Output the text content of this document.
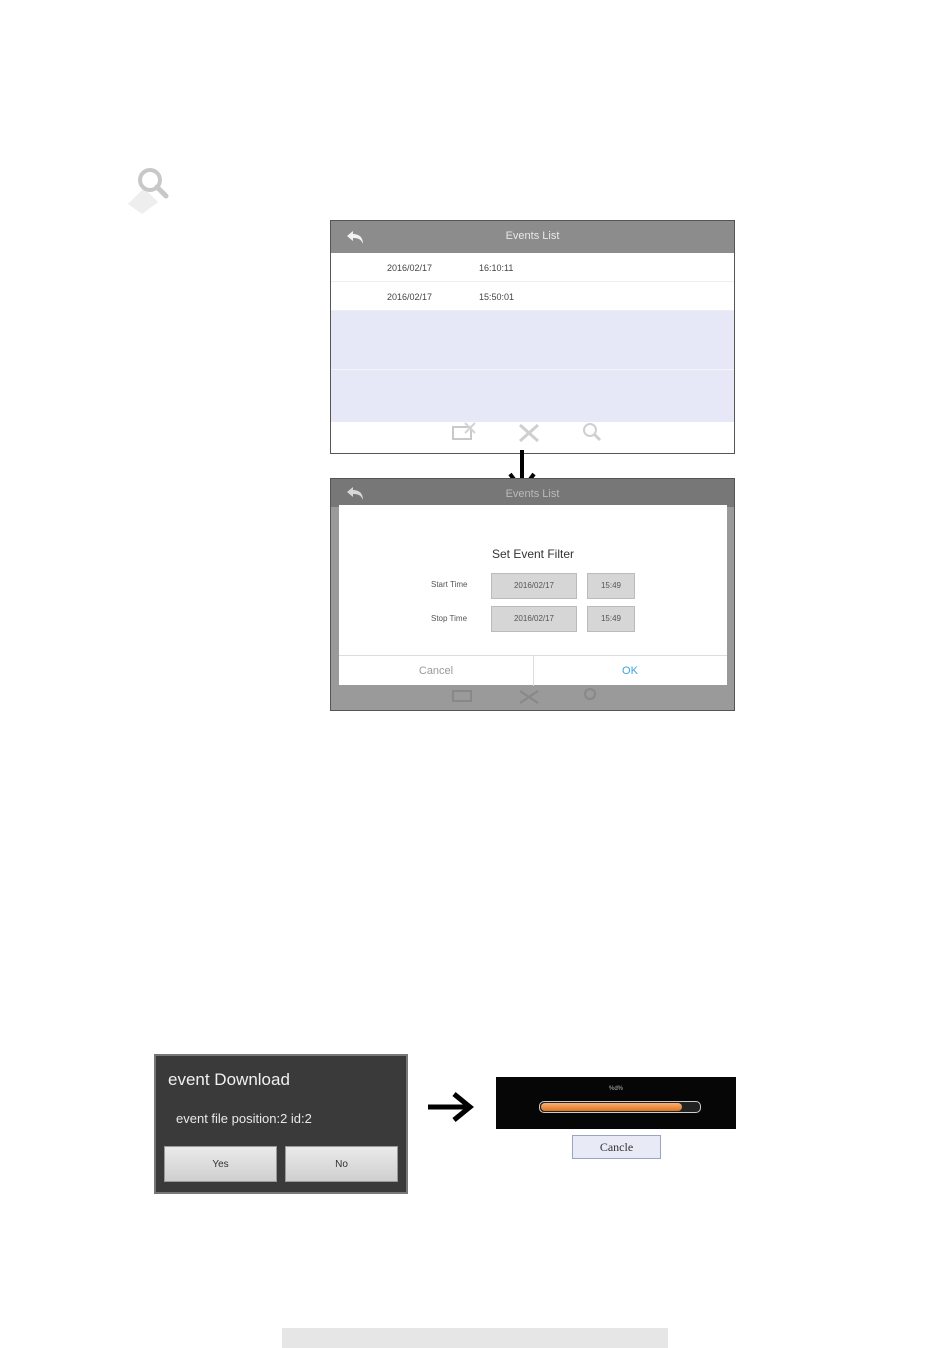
Events List
2016/02/17	16:10:11
2016/02/17	15:50:01
Events List
Set Event Filter
Start Time	2016/02/17	15:49
Stop Time	2016/02/17	15:49
Cancel	OK
event Download
event file position:2 id:2
Yes	No
%d%
Cancle
